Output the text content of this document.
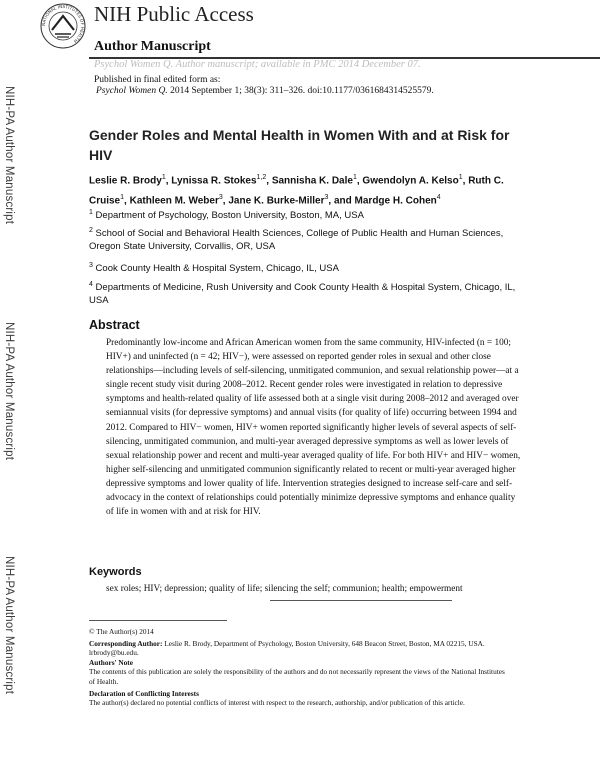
NATIONAL INSTITUTES OF HEALTH
NIH Public Access
Author Manuscript
Psychol Women Q. Author manuscript; available in PMC 2014 December 07.
Published in final edited form as:
Psychol Women Q. 2014 September 1; 38(3): 311–326. doi:10.1177/0361684314525579.
NIH-PA Author Manuscript
NIH-PA Author Manuscript
NIH-PA Author Manuscript
Gender Roles and Mental Health in Women With and at Risk for HIV
Leslie R. Brody$^1$, Lynissa R. Stokes$^{1,2}$, Sannisha K. Dale$^1$, Gwendolyn A. Kelso$^1$, Ruth C. Cruise$^1$, Kathleen M. Weber$^3$, Jane K. Burke-Miller$^3$, and Mardge H. Cohen$^4$
$^1$ Department of Psychology, Boston University, Boston, MA, USA
$^2$ School of Social and Behavioral Health Sciences, College of Public Health and Human Sciences, Oregon State University, Corvallis, OR, USA
$^3$ Cook County Health & Hospital System, Chicago, IL, USA
$^4$ Departments of Medicine, Rush University and Cook County Health & Hospital System, Chicago, IL, USA
Abstract

Predominantly low-income and African American women from the same community, HIV-infected (n = 100; HIV+) and uninfected (n = 42; HIV−), were assessed on reported gender roles in sexual and other close relationships—including levels of self-silencing, unmitigated communion, and sexual relationship power—at a single recent study visit during 2008–2012. Recent gender roles were investigated in relation to depressive symptoms and health-related quality of life assessed both at a single visit during 2008–2012 and averaged over semiannual visits (for depressive symptoms) and annual visits (for quality of life) occurring between 1994 and 2012. Compared to HIV− women, HIV+ women reported significantly higher levels of several aspects of self-silencing, unmitigated communion, and multi-year averaged depressive symptoms as well as lower levels of sexual relationship power and recent and multi-year averaged quality of life. For both HIV+ and HIV− women, higher self-silencing and unmitigated communion significantly related to recent or multi-year averaged higher depressive symptoms and lower quality of life. Intervention strategies designed to increase self-care and self-advocacy in the context of relationships could potentially minimize depressive symptoms and enhance quality of life in women with and at risk for HIV.

Keywords
sex roles; HIV; depression; quality of life; silencing the self; communion; health; empowerment
© The Author(s) 2014
Corresponding Author: Leslie R. Brody, Department of Psychology, Boston University, 648 Beacon Street, Boston, MA 02215, USA. lrbrody@bu.edu.
Authors' Note
The contents of this publication are solely the responsibility of the authors and do not necessarily represent the views of the National Institutes of Health.
Declaration of Conflicting Interests
The author(s) declared no potential conflicts of interest with respect to the research, authorship, and/or publication of this article.
